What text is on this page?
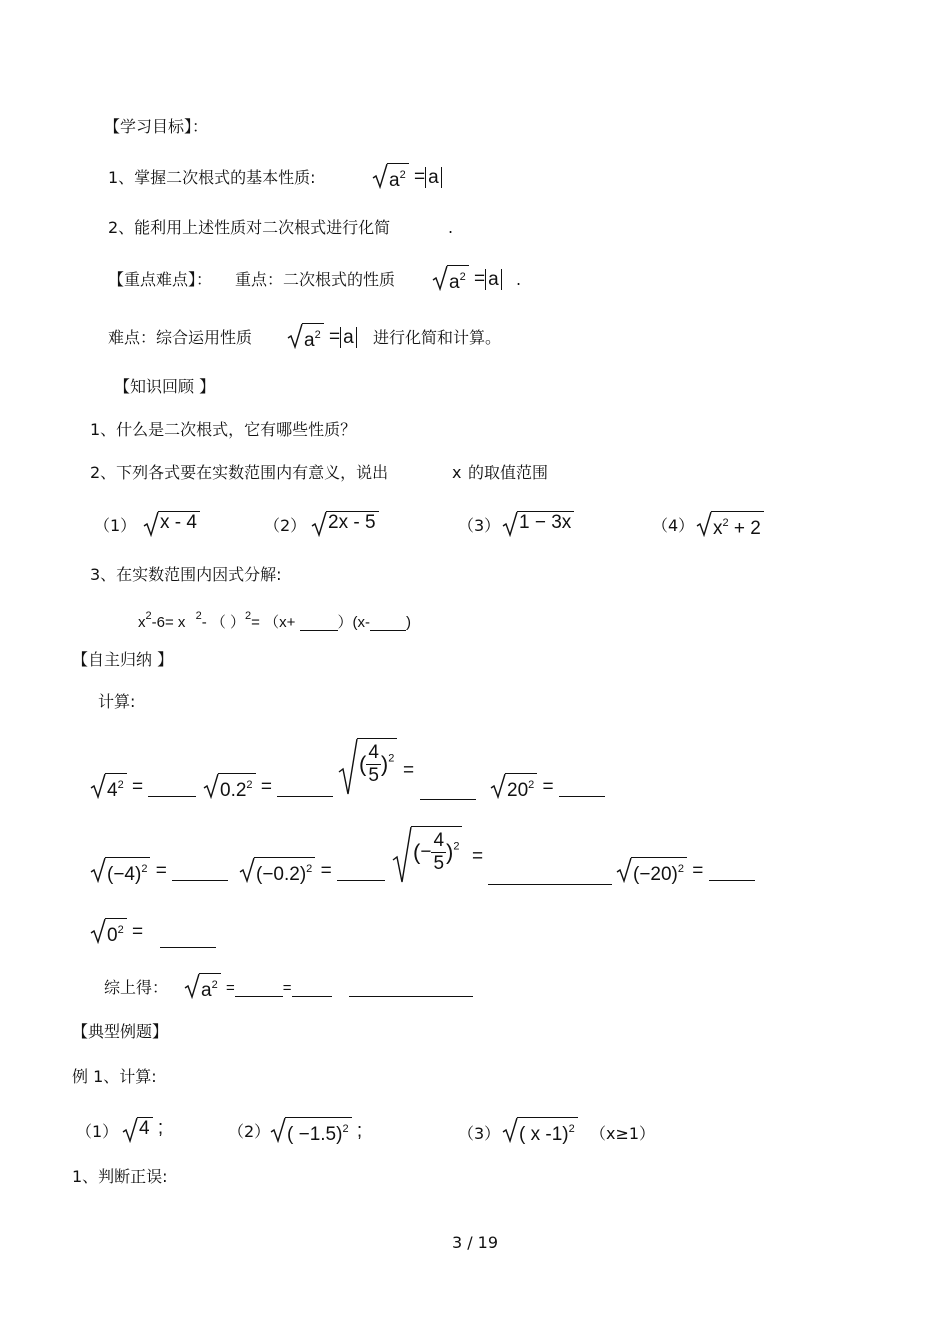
【学习目标】：
1、掌握二次根式的基本性质:	$a^2 = a$
2、能利用上述性质对二次根式进行化简	.
【重点难点】： 重点：二次根式的性质	$a^2 = a$ .
难点：综合运用性质	$a^2 = a$ 进行化简和计算。
【知识回顾 】
1、什么是二次根式，它有哪些性质？
2、下列各式要在实数范围内有意义，说出	x 的取值范围
（1）	x - 4	（2）	2x - 5	（3） 1 − 3x	（4） $x^2 + 2$
3、在实数范围内因式分解:
$x^2-6= x$ $^2$- （ ）$^2$= （x+	）(x- )
【自主归纳 】
计算:
$4^2$ =	$0.2^2$ =
( $\frac{4}{5} )^2$
=
$20^2$ =
$(-4)^2$ =	$(-0.2)^2$ =
(− $\frac{4}{5} )^2$ =
$(-20)^2$ =
$0^2$ =
综上得：	$a^2$ =	=
【典型例题】
例 1、计算:
（1）	4 ;	（2） ( −1.5)$^2$ ;	（3） ( x -1)$^2$ （x≥1）
1、判断正误:
3 / 19
